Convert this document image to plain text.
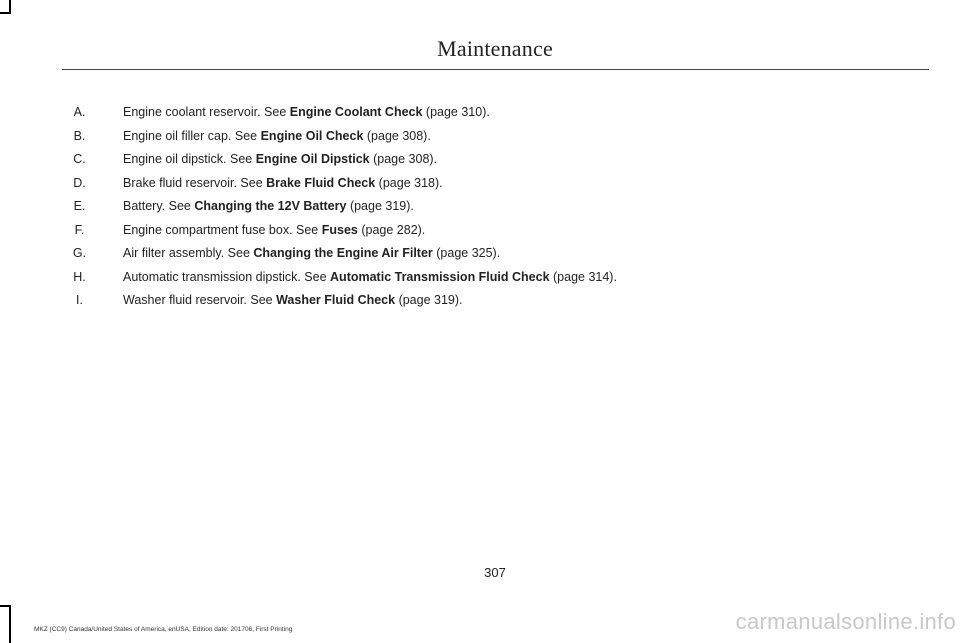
Maintenance
A.	Engine coolant reservoir. See Engine Coolant Check (page 310).
B.	Engine oil filler cap. See Engine Oil Check (page 308).
C.	Engine oil dipstick. See Engine Oil Dipstick (page 308).
D.	Brake fluid reservoir. See Brake Fluid Check (page 318).
E.	Battery. See Changing the 12V Battery (page 319).
F.	Engine compartment fuse box. See Fuses (page 282).
G.	Air filter assembly. See Changing the Engine Air Filter (page 325).
H.	Automatic transmission dipstick. See Automatic Transmission Fluid Check (page 314).
I.	Washer fluid reservoir. See Washer Fluid Check (page 319).
307
MKZ (CC9) Canada/United States of America, enUSA, Edition date: 201706, First Printing	carmanualsonline.info
